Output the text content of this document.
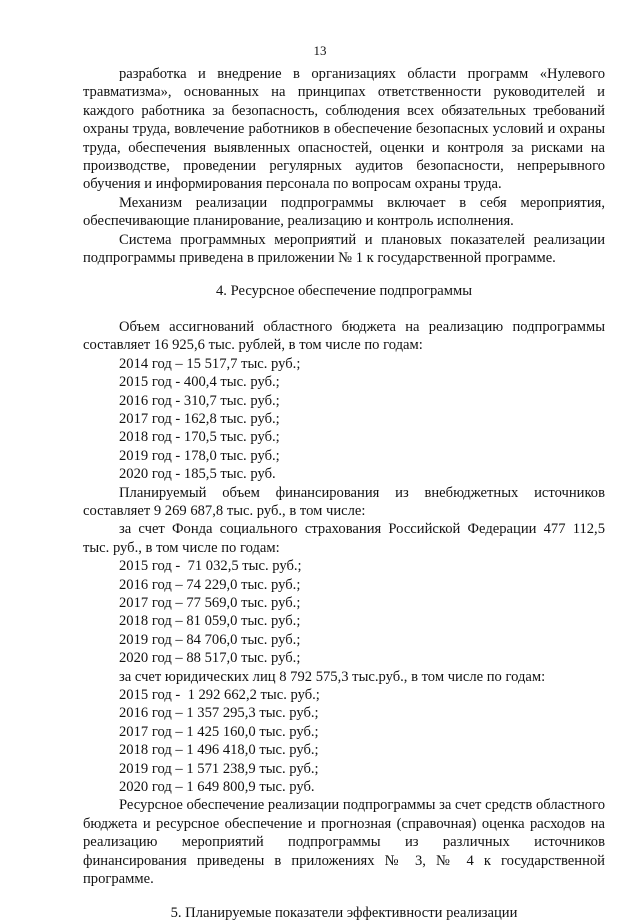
13

разработка и внедрение в организациях области программ «Нулевого травматизма», основанных на принципах ответственности руководителей и каждого работника за безопасность, соблюдения всех обязательных требований охраны труда, вовлечение работников в обеспечение безопасных условий и охраны труда, обеспечения выявленных опасностей, оценки и контроля за рисками на производстве, проведении регулярных аудитов безопасности, непрерывного обучения и информирования персонала по вопросам охраны труда.

Механизм реализации подпрограммы включает в себя мероприятия, обеспечивающие планирование, реализацию и контроль исполнения.

Система программных мероприятий и плановых показателей реализации подпрограммы приведена в приложении № 1 к государственной программе.

4. Ресурсное обеспечение подпрограммы

Объем ассигнований областного бюджета на реализацию подпрограммы составляет 16 925,6 тыс. рублей, в том числе по годам:

2014 год – 15 517,7 тыс. руб.;
2015 год - 400,4 тыс. руб.;
2016 год - 310,7 тыс. руб.;
2017 год - 162,8 тыс. руб.;
2018 год - 170,5 тыс. руб.;
2019 год - 178,0 тыс. руб.;
2020 год - 185,5 тыс. руб.

Планируемый объем финансирования из внебюджетных источников составляет 9 269 687,8 тыс. руб., в том числе:

за счет Фонда социального страхования Российской Федерации 477 112,5 тыс. руб., в том числе по годам:

2015 год -  71 032,5 тыс. руб.;
2016 год – 74 229,0 тыс. руб.;
2017 год – 77 569,0 тыс. руб.;
2018 год – 81 059,0 тыс. руб.;
2019 год – 84 706,0 тыс. руб.;
2020 год – 88 517,0 тыс. руб.;

за счет юридических лиц 8 792 575,3 тыс.руб., в том числе по годам:

2015 год -  1 292 662,2 тыс. руб.;
2016 год – 1 357 295,3 тыс. руб.;
2017 год – 1 425 160,0 тыс. руб.;
2018 год – 1 496 418,0 тыс. руб.;
2019 год – 1 571 238,9 тыс. руб.;
2020 год – 1 649 800,9 тыс. руб.

Ресурсное обеспечение реализации подпрограммы за счет средств областного бюджета и ресурсное обеспечение и прогнозная (справочная) оценка расходов на реализацию мероприятий подпрограммы из различных источников финансирования приведены в приложениях № 3, № 4 к государственной программе.

5. Планируемые показатели эффективности реализации
